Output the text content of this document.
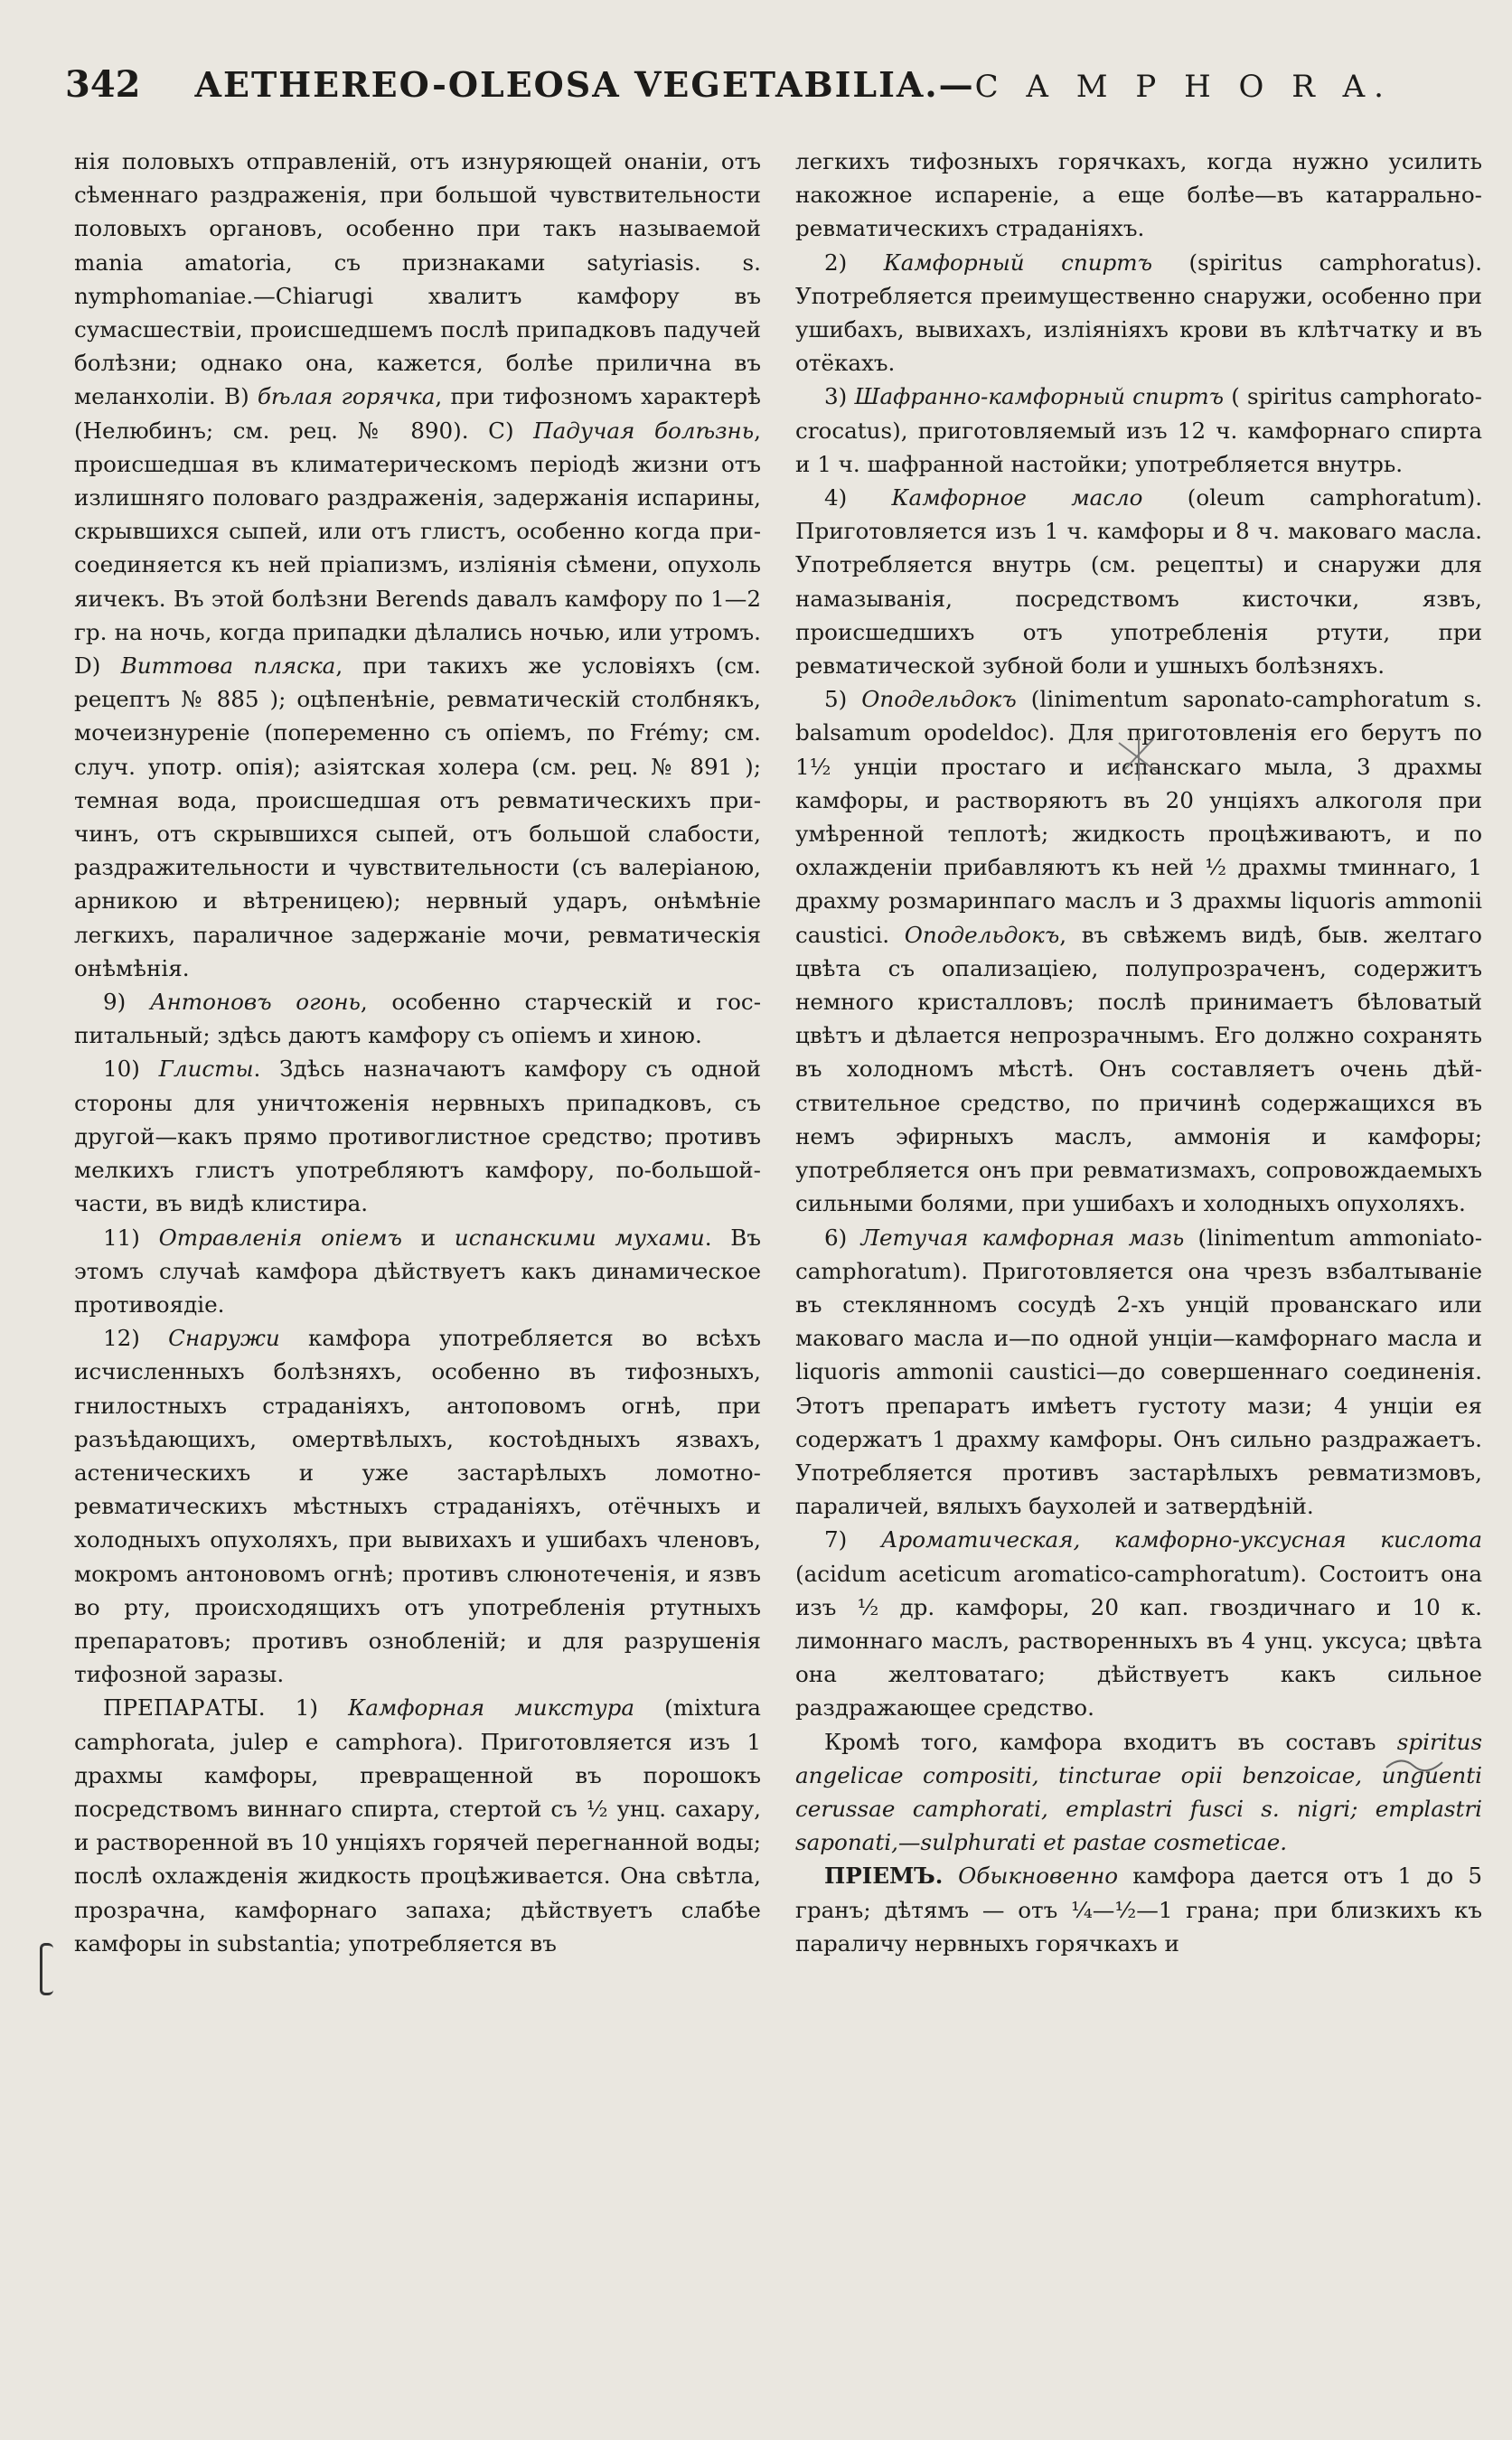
342 AETHEREO-OLEOSA VEGETABILIA.—C A M P H O R A.

нія половыхъ отправленій, отъ изнуряющей онаніи, отъ сѣменнаго раздраженія, при большой чувствительности половыхъ органовъ, особенно при такъ называемой mania amatoria, съ признаками satyriasis. s. nymphomaniae.—Chiarugi хвалитъ камфору въ сумасшествіи, происшедшемъ послѣ припадковъ падучей болѣзни; однако она, кажется, болѣе прилична въ меланхоліи. B) бѣлая горячка, при тифозномъ характерѣ (Нелюбинъ; см. рец. № 890). C) Падучая болѣзнь, происшедшая въ климатерическомъ періодѣ жизни отъ излишняго половаго раздраженія, задержанія испарины, скрывшихся сыпей, или отъ глистъ, особенно когда присоединяется къ ней пріапизмъ, изліянія сѣмени, опухоль яичекъ. Въ этой болѣзни Berends давалъ камфору по 1—2 гр. на ночь, когда припадки дѣлались ночью, или утромъ. D) Виттова пляска, при такихъ же условіяхъ (см. рецептъ № 885 ); оцѣпенѣніе, ревматическій столбнякъ, мочеизнуреніе (попеременно съ опіемъ, по Frémy; см. случ. употр. опія); азіятская холера (см. рец. № 891 ); темная вода, происшедшая отъ ревматическихъ причинъ, отъ скрывшихся сыпей, отъ большой слабости, раздражительности и чувствительности (съ валеріаною, арникою и вѣтреницею); нервный ударъ, онѣмѣніе легкихъ, параличное задержаніе мочи, ревматическія онѣмѣнія.

9) Антоновъ огонь, особенно старческій и госпитальный; здѣсь даютъ камфору съ опіемъ и хиною.

10) Глисты. Здѣсь назначаютъ камфору съ одной стороны для уничтоженія нервныхъ припадковъ, съ другой—какъ прямо противоглистное средство; противъ мелкихъ глистъ употребляютъ камфору, по-большой-части, въ видѣ клистира.

11) Отравленія опіемъ и испанскими мухами. Въ этомъ случаѣ камфора дѣйствуетъ какъ динамическое противоядіе.

12) Снаружи камфора употребляется во всѣхъ исчисленныхъ болѣзняхъ, особенно въ тифозныхъ, гнилостныхъ страданіяхъ, антоповомъ огнѣ, при разъѣдающихъ, омертвѣлыхъ, костоѣдныхъ язвахъ, астеническихъ и уже застарѣлыхъ ломотно-ревматическихъ мѣстныхъ страданіяхъ, отёчныхъ и холодныхъ опухоляхъ, при вывихахъ и ушибахъ членовъ, мокромъ антоновомъ огнѣ; противъ слюнотеченія, и язвъ во рту, происходящихъ отъ употребленія ртутныхъ препаратовъ; противъ ознобленій; и для разрушенія тифозной заразы.

ПРЕПАРАТЫ. 1) Камфорная микстура (mixtura camphorata, julep e camphora). Приготовляется изъ 1 драхмы камфоры, превращенной въ порошокъ посредствомъ виннаго спирта, стертой съ ½ унц. сахару, и растворенной въ 10 унціяхъ горячей перегнанной воды; послѣ охлажденія жидкость процѣживается. Она свѣтла, прозрачна, камфорнаго запаха; дѣйствуетъ слабѣе камфоры in substantia; употребляется въ

легкихъ тифозныхъ горячкахъ, когда нужно усилить накожное испареніе, а еще болѣе—въ катаррально-ревматическихъ страданіяхъ.

2) Камфорный спиртъ (spiritus camphoratus). Употребляется преимущественно снаружи, особенно при ушибахъ, вывихахъ, изліяніяхъ крови въ клѣтчатку и въ отёкахъ.

3) Шафранно-камфорный спиртъ ( spiritus camphorato-crocatus), приготовляемый изъ 12 ч. камфорнаго спирта и 1 ч. шафранной настойки; употребляется внутрь.

4) Камфорное масло (oleum camphoratum). Приготовляется изъ 1 ч. камфоры и 8 ч. маковаго масла. Употребляется внутрь (см. рецепты) и снаружи для намазыванія, посредствомъ кисточки, язвъ, происшедшихъ отъ употребленія ртути, при ревматической зубной боли и ушныхъ болѣзняхъ.

5) Оподельдокъ (linimentum saponato-camphoratum s. balsamum opodeldoc). Для приготовленія его берутъ по 1½ унціи простаго и испанскаго мыла, 3 драхмы камфоры, и растворяютъ въ 20 унціяхъ алкоголя при умѣренной теплотѣ; жидкость процѣживаютъ, и по охлажденіи прибавляютъ къ ней ½ драхмы тминнаго, 1 драхму розмаринпаго маслъ и 3 драхмы liquoris ammonii caustici. Оподельдокъ, въ свѣжемъ видѣ, быв. желтаго цвѣта съ опализаціею, полупрозраченъ, содержитъ немного кристалловъ; послѣ принимаетъ бѣловатый цвѣтъ и дѣлается непрозрачнымъ. Его должно сохранять въ холодномъ мѣстѣ. Онъ составляетъ очень дѣйствительное средство, по причинѣ содержащихся въ немъ эфирныхъ маслъ, аммонія и камфоры; употребляется онъ при ревматизмахъ, сопровождаемыхъ сильными болями, при ушибахъ и холодныхъ опухоляхъ.

6) Летучая камфорная мазь (linimentum ammoniato-camphoratum). Приготовляется она чрезъ взбалтываніе въ стеклянномъ сосудѣ 2-хъ унцій прованскаго или маковаго масла и—по одной унціи—камфорнаго масла и liquoris ammonii caustici—до совершеннаго соединенія. Этотъ препаратъ имѣетъ густоту мази; 4 унціи ея содержатъ 1 драхму камфоры. Онъ сильно раздражаетъ. Употребляется противъ застарѣлыхъ ревматизмовъ, параличей, вялыхъ баухолей и затвердѣній.

7) Ароматическая, камфорно-уксусная кислота (acidum aceticum aromatico-camphoratum). Состоитъ она изъ ½ др. камфоры, 20 кап. гвоздичнаго и 10 к. лимоннаго маслъ, растворенныхъ въ 4 унц. уксуса; цвѣта она желтоватаго; дѣйствуетъ какъ сильное раздражающее средство.

Кромѣ того, камфора входитъ въ составъ spiritus angelicae compositi, tincturae opii benzoicae, unguenti cerussae camphorati, emplastri fusci s. nigri; emplastri saponati,—sulphurati et pastae cosmeticae.

ПРІЕМЪ. Обыкновенно камфора дается отъ 1 до 5 гранъ; дѣтямъ — отъ ¼—½—1 грана; при близкихъ къ параличу нервныхъ горячкахъ и
